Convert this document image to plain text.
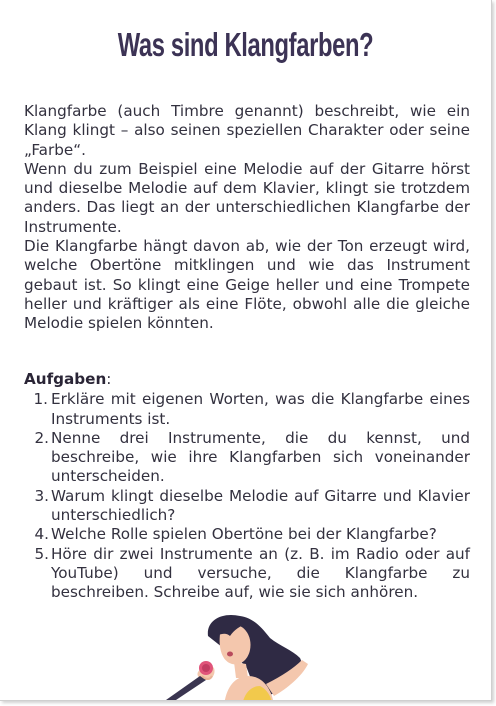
Was sind Klangfarben?

Klangfarbe (auch Timbre genannt) beschreibt, wie ein Klang klingt – also seinen speziellen Charakter oder seine „Farbe“.

Wenn du zum Beispiel eine Melodie auf der Gitarre hörst und dieselbe Melodie auf dem Klavier, klingt sie trotzdem anders. Das liegt an der unterschiedlichen Klangfarbe der Instrumente.

Die Klangfarbe hängt davon ab, wie der Ton erzeugt wird, welche Obertöne mitklingen und wie das Instrument gebaut ist. So klingt eine Geige heller und eine Trompete heller und kräftiger als eine Flöte, obwohl alle die gleiche Melodie spielen könnten.

Aufgaben:
1. Erkläre mit eigenen Worten, was die Klangfarbe eines Instruments ist.
2. Nenne drei Instrumente, die du kennst, und beschreibe, wie ihre Klangfarben sich voneinander unterscheiden.
3. Warum klingt dieselbe Melodie auf Gitarre und Klavier unterschiedlich?
4. Welche Rolle spielen Obertöne bei der Klangfarbe?
5. Höre dir zwei Instrumente an (z. B. im Radio oder auf YouTube) und versuche, die Klangfarbe zu beschreiben. Schreibe auf, wie sie sich anhören.
